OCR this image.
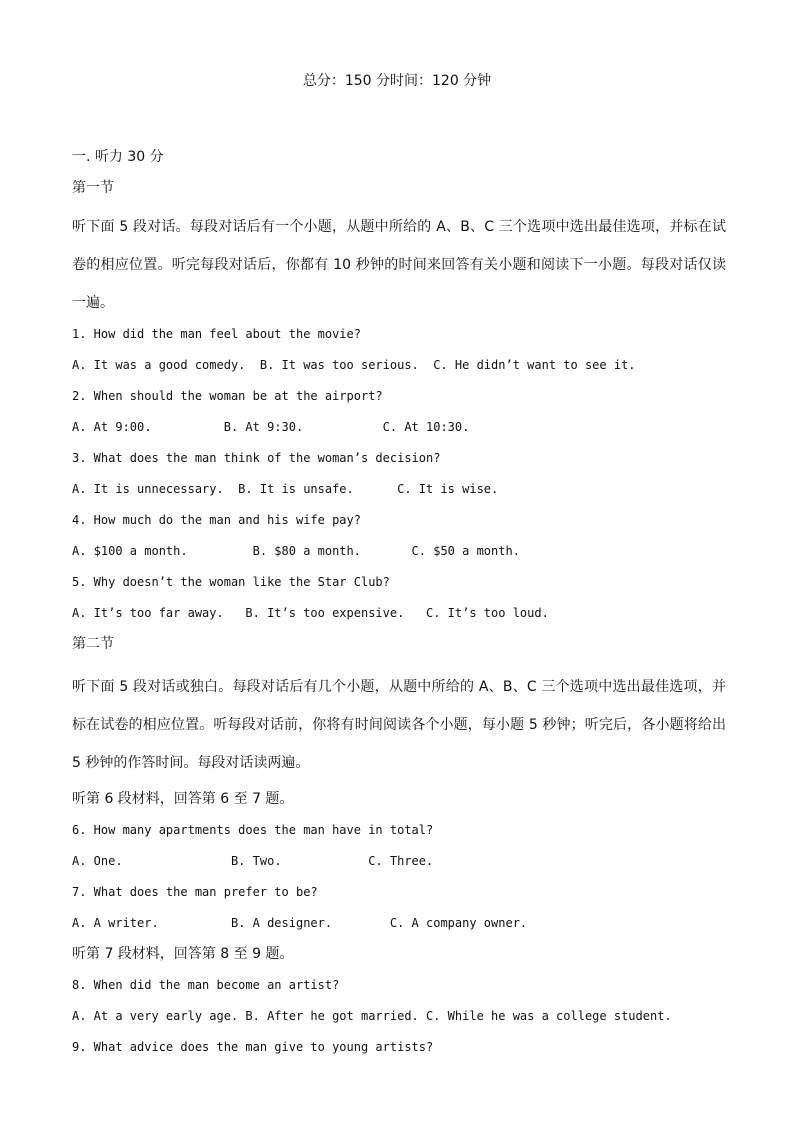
总分：150 分时间：120 分钟
一. 听力 30 分
第一节
听下面 5 段对话。每段对话后有一个小题，从题中所给的 A、B、C 三个选项中选出最佳选项，并标在试卷的相应位置。听完每段对话后，你都有 10 秒钟的时间来回答有关小题和阅读下一小题。每段对话仅读一遍。
1. How did the man feel about the movie?
A. It was a good comedy.  B. It was too serious.  C. He didn’t want to see it.
2. When should the woman be at the airport?
A. At 9:00.          B. At 9:30.           C. At 10:30.
3. What does the man think of the woman’s decision?
A. It is unnecessary.  B. It is unsafe.      C. It is wise.
4. How much do the man and his wife pay?
A. $100 a month.         B. $80 a month.       C. $50 a month.
5. Why doesn’t the woman like the Star Club?
A. It’s too far away.   B. It’s too expensive.   C. It’s too loud.
第二节
听下面 5 段对话或独白。每段对话后有几个小题，从题中所给的 A、B、C 三个选项中选出最佳选项，并标在试卷的相应位置。听每段对话前，你将有时间阅读各个小题，每小题 5 秒钟；听完后，各小题将给出 5 秒钟的作答时间。每段对话读两遍。
听第 6 段材料，回答第 6 至 7 题。
6. How many apartments does the man have in total?
A. One.               B. Two.            C. Three.
7. What does the man prefer to be?
A. A writer.          B. A designer.        C. A company owner.
听第 7 段材料，回答第 8 至 9 题。
8. When did the man become an artist?
A. At a very early age. B. After he got married. C. While he was a college student.
9. What advice does the man give to young artists?
